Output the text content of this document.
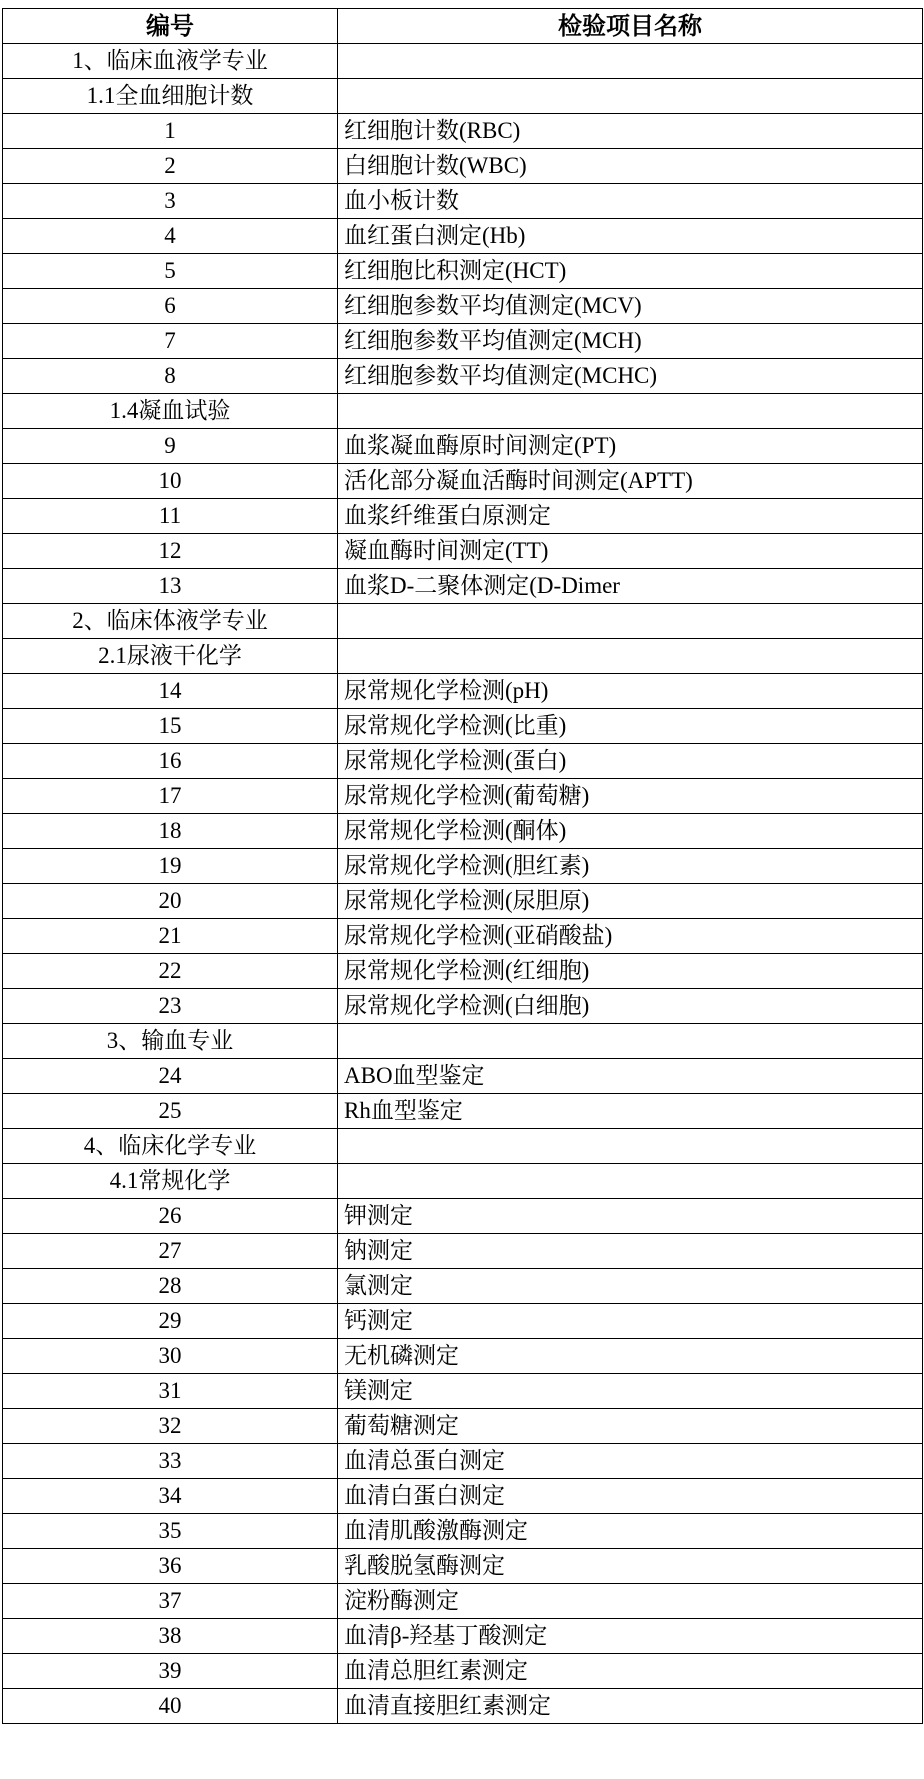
编号	检验项目名称
1、临床血液学专业	
1.1全血细胞计数	
1	红细胞计数(RBC)
2	白细胞计数(WBC)
3	血小板计数
4	血红蛋白测定(Hb)
5	红细胞比积测定(HCT)
6	红细胞参数平均值测定(MCV)
7	红细胞参数平均值测定(MCH)
8	红细胞参数平均值测定(MCHC)
1.4凝血试验	
9	血浆凝血酶原时间测定(PT)
10	活化部分凝血活酶时间测定(APTT)
11	血浆纤维蛋白原测定
12	凝血酶时间测定(TT)
13	血浆D-二聚体测定(D-Dimer
2、临床体液学专业	
2.1尿液干化学	
14	尿常规化学检测(pH)
15	尿常规化学检测(比重)
16	尿常规化学检测(蛋白)
17	尿常规化学检测(葡萄糖)
18	尿常规化学检测(酮体)
19	尿常规化学检测(胆红素)
20	尿常规化学检测(尿胆原)
21	尿常规化学检测(亚硝酸盐)
22	尿常规化学检测(红细胞)
23	尿常规化学检测(白细胞)
3、输血专业	
24	ABO血型鉴定
25	Rh血型鉴定
4、临床化学专业	
4.1常规化学	
26	钾测定
27	钠测定
28	氯测定
29	钙测定
30	无机磷测定
31	镁测定
32	葡萄糖测定
33	血清总蛋白测定
34	血清白蛋白测定
35	血清肌酸激酶测定
36	乳酸脱氢酶测定
37	淀粉酶测定
38	血清β-羟基丁酸测定
39	血清总胆红素测定
40	血清直接胆红素测定
